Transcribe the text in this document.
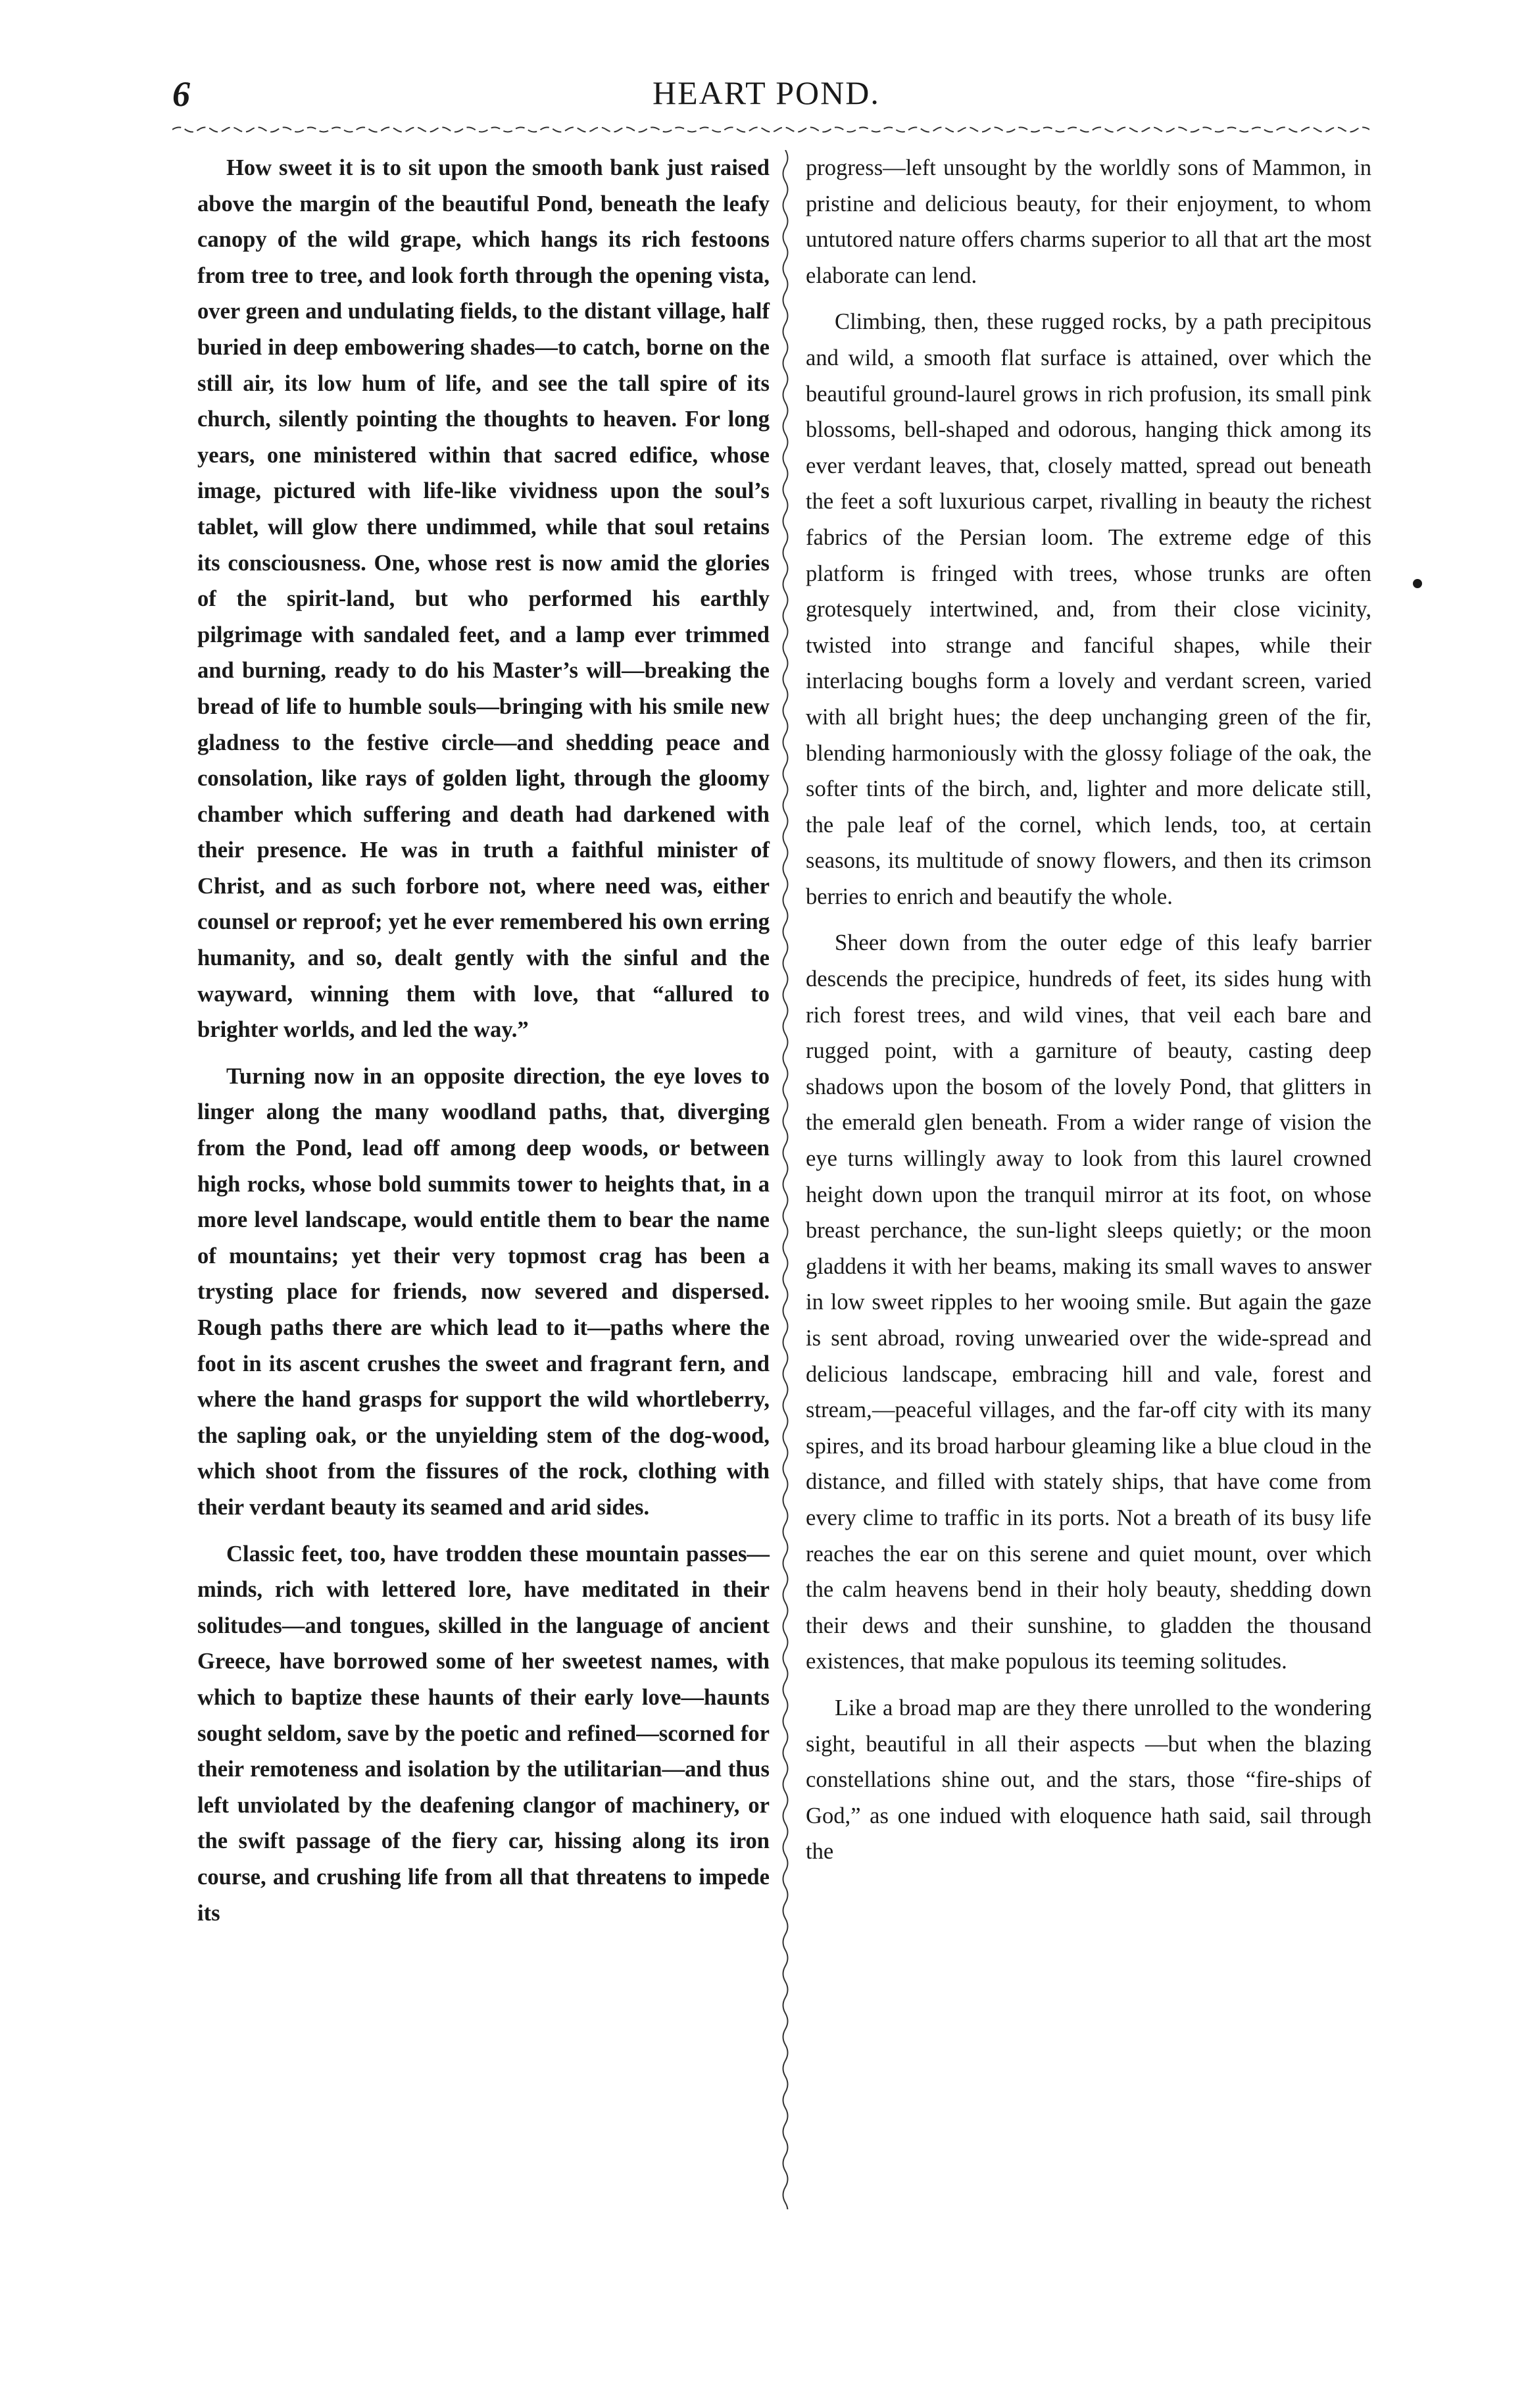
6	HEART POND.

How sweet it is to sit upon the smooth bank just raised above the margin of the beautiful Pond, beneath the leafy canopy of the wild grape, which hangs its rich festoons from tree to tree, and look forth through the opening vista, over green and undulating fields, to the distant village, half buried in deep embowering shades—to catch, borne on the still air, its low hum of life, and see the tall spire of its church, silently pointing the thoughts to heaven. For long years, one ministered within that sacred edifice, whose image, pictured with life-like vividness upon the soul’s tablet, will glow there undimmed, while that soul retains its consciousness. One, whose rest is now amid the glories of the spirit-land, but who performed his earthly pilgrimage with sandaled feet, and a lamp ever trimmed and burning, ready to do his Master’s will—breaking the bread of life to humble souls—bringing with his smile new gladness to the festive circle—and shedding peace and consolation, like rays of golden light, through the gloomy chamber which suffering and death had darkened with their presence. He was in truth a faithful minister of Christ, and as such forbore not, where need was, either counsel or reproof; yet he ever remembered his own erring humanity, and so, dealt gently with the sinful and the wayward, winning them with love, that “allured to brighter worlds, and led the way.”

Turning now in an opposite direction, the eye loves to linger along the many woodland paths, that, diverging from the Pond, lead off among deep woods, or between high rocks, whose bold summits tower to heights that, in a more level landscape, would entitle them to bear the name of mountains; yet their very topmost crag has been a trysting place for friends, now severed and dispersed. Rough paths there are which lead to it—paths where the foot in its ascent crushes the sweet and fragrant fern, and where the hand grasps for support the wild whortleberry, the sapling oak, or the unyielding stem of the dog-wood, which shoot from the fissures of the rock, clothing with their verdant beauty its seamed and arid sides.

Classic feet, too, have trodden these mountain passes—minds, rich with lettered lore, have meditated in their solitudes—and tongues, skilled in the language of ancient Greece, have borrowed some of her sweetest names, with which to baptize these haunts of their early love—haunts sought seldom, save by the poetic and refined—scorned for their remoteness and isolation by the utilitarian—and thus left unviolated by the deafening clangor of machinery, or the swift passage of the fiery car, hissing along its iron course, and crushing life from all that threatens to impede its

progress—left unsought by the worldly sons of Mammon, in pristine and delicious beauty, for their enjoyment, to whom untutored nature offers charms superior to all that art the most elaborate can lend.

Climbing, then, these rugged rocks, by a path precipitous and wild, a smooth flat surface is attained, over which the beautiful ground-laurel grows in rich profusion, its small pink blossoms, bell-shaped and odorous, hanging thick among its ever verdant leaves, that, closely matted, spread out beneath the feet a soft luxurious carpet, rivalling in beauty the richest fabrics of the Persian loom. The extreme edge of this platform is fringed with trees, whose trunks are often grotesquely intertwined, and, from their close vicinity, twisted into strange and fanciful shapes, while their interlacing boughs form a lovely and verdant screen, varied with all bright hues; the deep unchanging green of the fir, blending harmoniously with the glossy foliage of the oak, the softer tints of the birch, and, lighter and more delicate still, the pale leaf of the cornel, which lends, too, at certain seasons, its multitude of snowy flowers, and then its crimson berries to enrich and beautify the whole.

Sheer down from the outer edge of this leafy barrier descends the precipice, hundreds of feet, its sides hung with rich forest trees, and wild vines, that veil each bare and rugged point, with a garniture of beauty, casting deep shadows upon the bosom of the lovely Pond, that glitters in the emerald glen beneath. From a wider range of vision the eye turns willingly away to look from this laurel crowned height down upon the tranquil mirror at its foot, on whose breast perchance, the sun-light sleeps quietly; or the moon gladdens it with her beams, making its small waves to answer in low sweet ripples to her wooing smile. But again the gaze is sent abroad, roving unwearied over the wide-spread and delicious landscape, embracing hill and vale, forest and stream,—peaceful villages, and the far-off city with its many spires, and its broad harbour gleaming like a blue cloud in the distance, and filled with stately ships, that have come from every clime to traffic in its ports. Not a breath of its busy life reaches the ear on this serene and quiet mount, over which the calm heavens bend in their holy beauty, shedding down their dews and their sunshine, to gladden the thousand existences, that make populous its teeming solitudes.

Like a broad map are they there unrolled to the wondering sight, beautiful in all their aspects —but when the blazing constellations shine out, and the stars, those “fire-ships of God,” as one indued with eloquence hath said, sail through the
